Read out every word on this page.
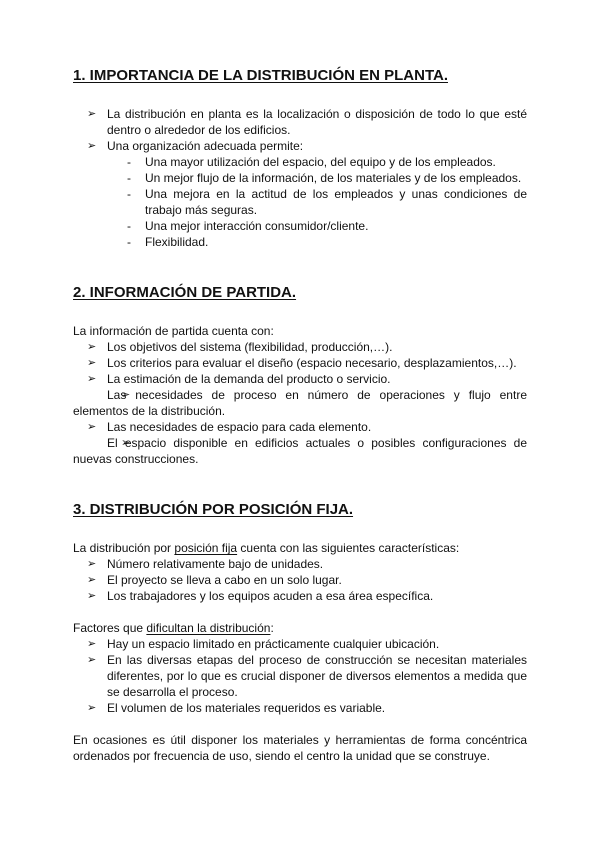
1. IMPORTANCIA DE LA DISTRIBUCIÓN EN PLANTA.
➢ La distribución en planta es la localización o disposición de todo lo que esté dentro o alrededor de los edificios.
➢ Una organización adecuada permite:
- Una mayor utilización del espacio, del equipo y de los empleados.
- Un mejor flujo de la información, de los materiales y de los empleados.
- Una mejora en la actitud de los empleados y unas condiciones de trabajo más seguras.
- Una mejor interacción consumidor/cliente.
- Flexibilidad.
2. INFORMACIÓN DE PARTIDA.

La información de partida cuenta con:

➢ Los objetivos del sistema (flexibilidad, producción,…).
➢ Los criterios para evaluar el diseño (espacio necesario, desplazamientos,…).
➢ La estimación de la demanda del producto o servicio.
➢ Las necesidades de proceso en número de operaciones y flujo entre elementos de la distribución.
➢ Las necesidades de espacio para cada elemento.
➢ El espacio disponible en edificios actuales o posibles configuraciones de nuevas construcciones.
3. DISTRIBUCIÓN POR POSICIÓN FIJA.

La distribución por posición fija cuenta con las siguientes características:

➢ Número relativamente bajo de unidades.
➢ El proyecto se lleva a cabo en un solo lugar.
➢ Los trabajadores y los equipos acuden a esa área específica.

Factores que dificultan la distribución:

➢ Hay un espacio limitado en prácticamente cualquier ubicación.
➢ En las diversas etapas del proceso de construcción se necesitan materiales diferentes, por lo que es crucial disponer de diversos elementos a medida que se desarrolla el proceso.
➢ El volumen de los materiales requeridos es variable.

En ocasiones es útil disponer los materiales y herramientas de forma concéntrica ordenados por frecuencia de uso, siendo el centro la unidad que se construye.
